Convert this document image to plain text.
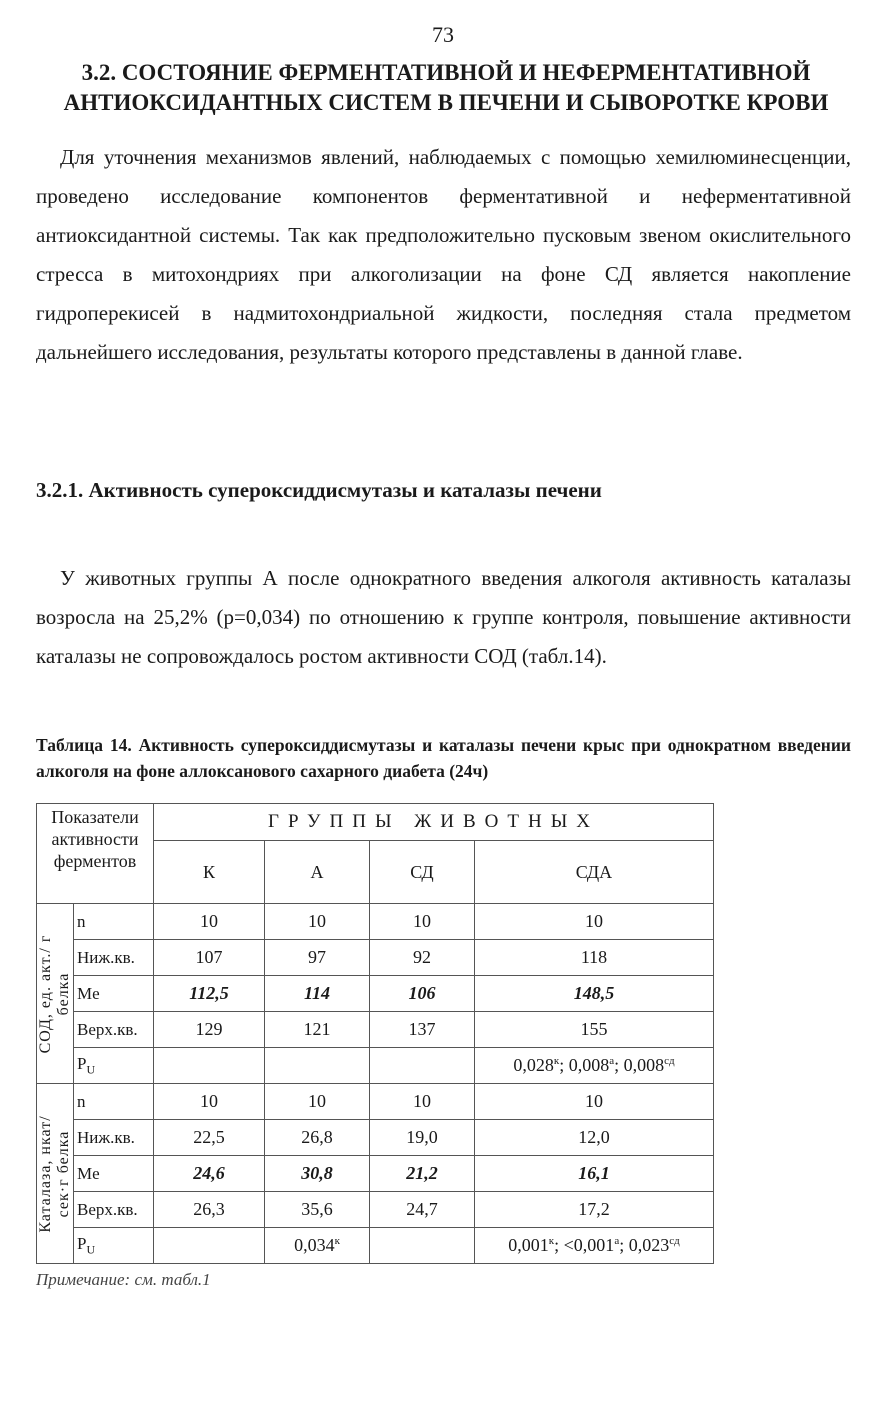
73
3.2. СОСТОЯНИЕ ФЕРМЕНТАТИВНОЙ И НЕФЕРМЕНТАТИВНОЙ
АНТИОКСИДАНТНЫХ СИСТЕМ В ПЕЧЕНИ И СЫВОРОТКЕ КРОВИ
Для уточнения механизмов явлений, наблюдаемых с помощью хемилюминесценции, проведено исследование компонентов ферментативной и неферментативной антиоксидантной системы. Так как предположительно пусковым звеном окислительного стресса в митохондриях при алкоголизации на фоне СД является накопление гидроперекисей в надмитохондриальной жидкости, последняя стала предметом дальнейшего исследования, результаты которого представлены в данной главе.
3.2.1. Активность супероксиддисмутазы и каталазы печени
У животных группы А после однократного введения алкоголя активность каталазы возросла на 25,2% (p=0,034) по отношению к группе контроля, повышение активности каталазы не сопровождалось ростом активности СОД (табл.14).
Таблица 14. Активность супероксиддисмутазы и каталазы печени крыс при однократном введении алкоголя на фоне аллоксанового сахарного диабета (24ч)
Показатели активности ферментов		ГРУППЫ ЖИВОТНЫХ			
		К	А	СД	СДА

СОД, ед. акт./ г белка	n	10	10	10	10
	Ниж.кв.	107	97	92	118
	Me	112,5	114	106	148,5
	Верх.кв.	129	121	137	155
	$P_U$				$0,028^к$; $0,008^а$; $0,008^{сд}$

Каталаза, нкат/ сек·г белка	n	10	10	10	10
	Ниж.кв.	22,5	26,8	19,0	12,0
	Me	24,6	30,8	21,2	16,1
	Верх.кв.	26,3	35,6	24,7	17,2
	$P_U$		$0,034^к$		$0,001^к$; $<0,001^а$; $0,023^{сд}$
Примечание: см. табл.1
